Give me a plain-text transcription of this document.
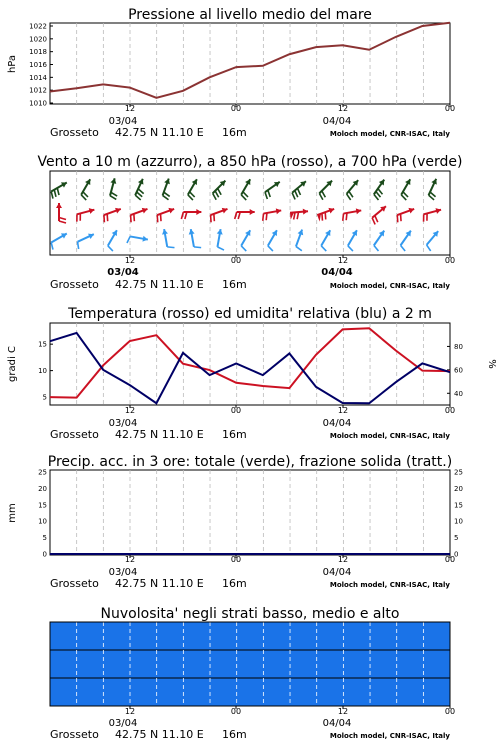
Pressione al livello medio del mare
12	00	12	00
03/04	04/04
Grosseto 42.75 N 11.10 E 16m	Moloch model, CNR-ISAC, Italy
1022
1020
1018
1016
1014
1012
1010
hPa
Vento a 10 m (azzurro), a 850 hPa (rosso), a 700 hPa (verde)
12	00	12	00
03/04	04/04
Grosseto 42.75 N 11.10 E 16m	Moloch model, CNR-ISAC, Italy
Temperatura (rosso) ed umidita' relativa (blu) a 2 m
12	00	12	00
03/04	04/04
Grosseto 42.75 N 11.10 E 16m	Moloch model, CNR-ISAC, Italy
15
10
5
80
60
40
gradi C	%
Precip. acc. in 3 ore: totale (verde), frazione solida (tratt.)
12	00	12	00
03/04	04/04
Grosseto 42.75 N 11.10 E 16m	Moloch model, CNR-ISAC, Italy
25	25
20	20
15	15
10	10
5	5
0	0
mm
Nuvolosita' negli strati basso, medio e alto
12	00	12	00
03/04	04/04
Grosseto 42.75 N 11.10 E 16m	Moloch model, CNR-ISAC, Italy
